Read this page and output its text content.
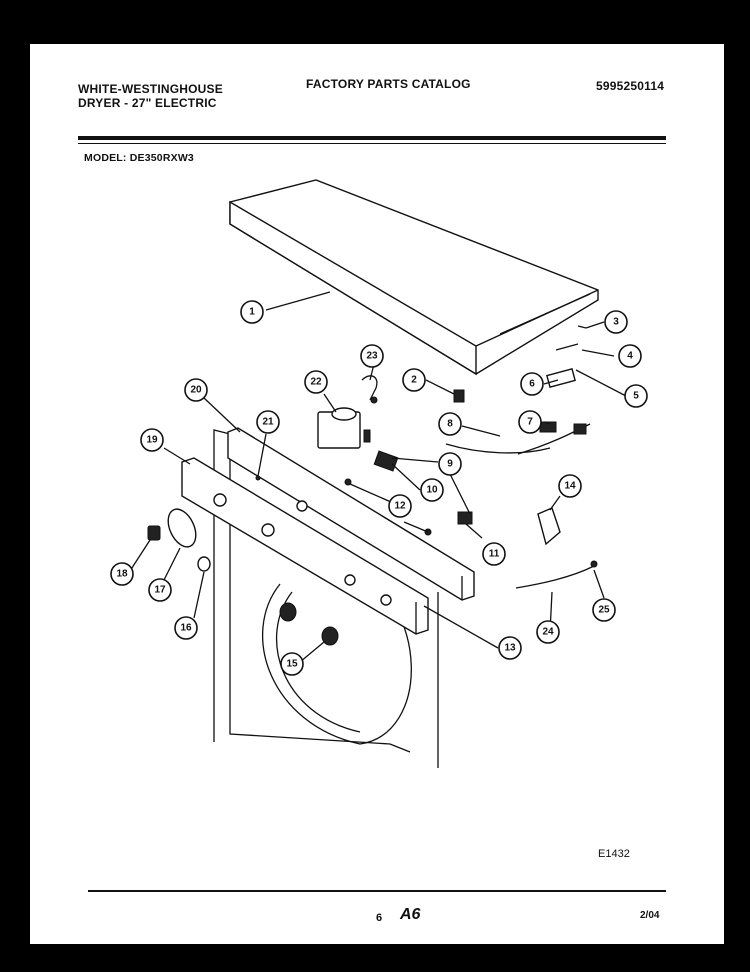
WHITE-WESTINGHOUSE
DRYER - 27" ELECTRIC
FACTORY PARTS CATALOG	5995250114
MODEL: DE350RXW3
1
2
3
4
5
6
7
8
9
10
11
12
13
14
15
16
17
18
19
20
21
22
23
24
25
E1432
6 A6	2/04
